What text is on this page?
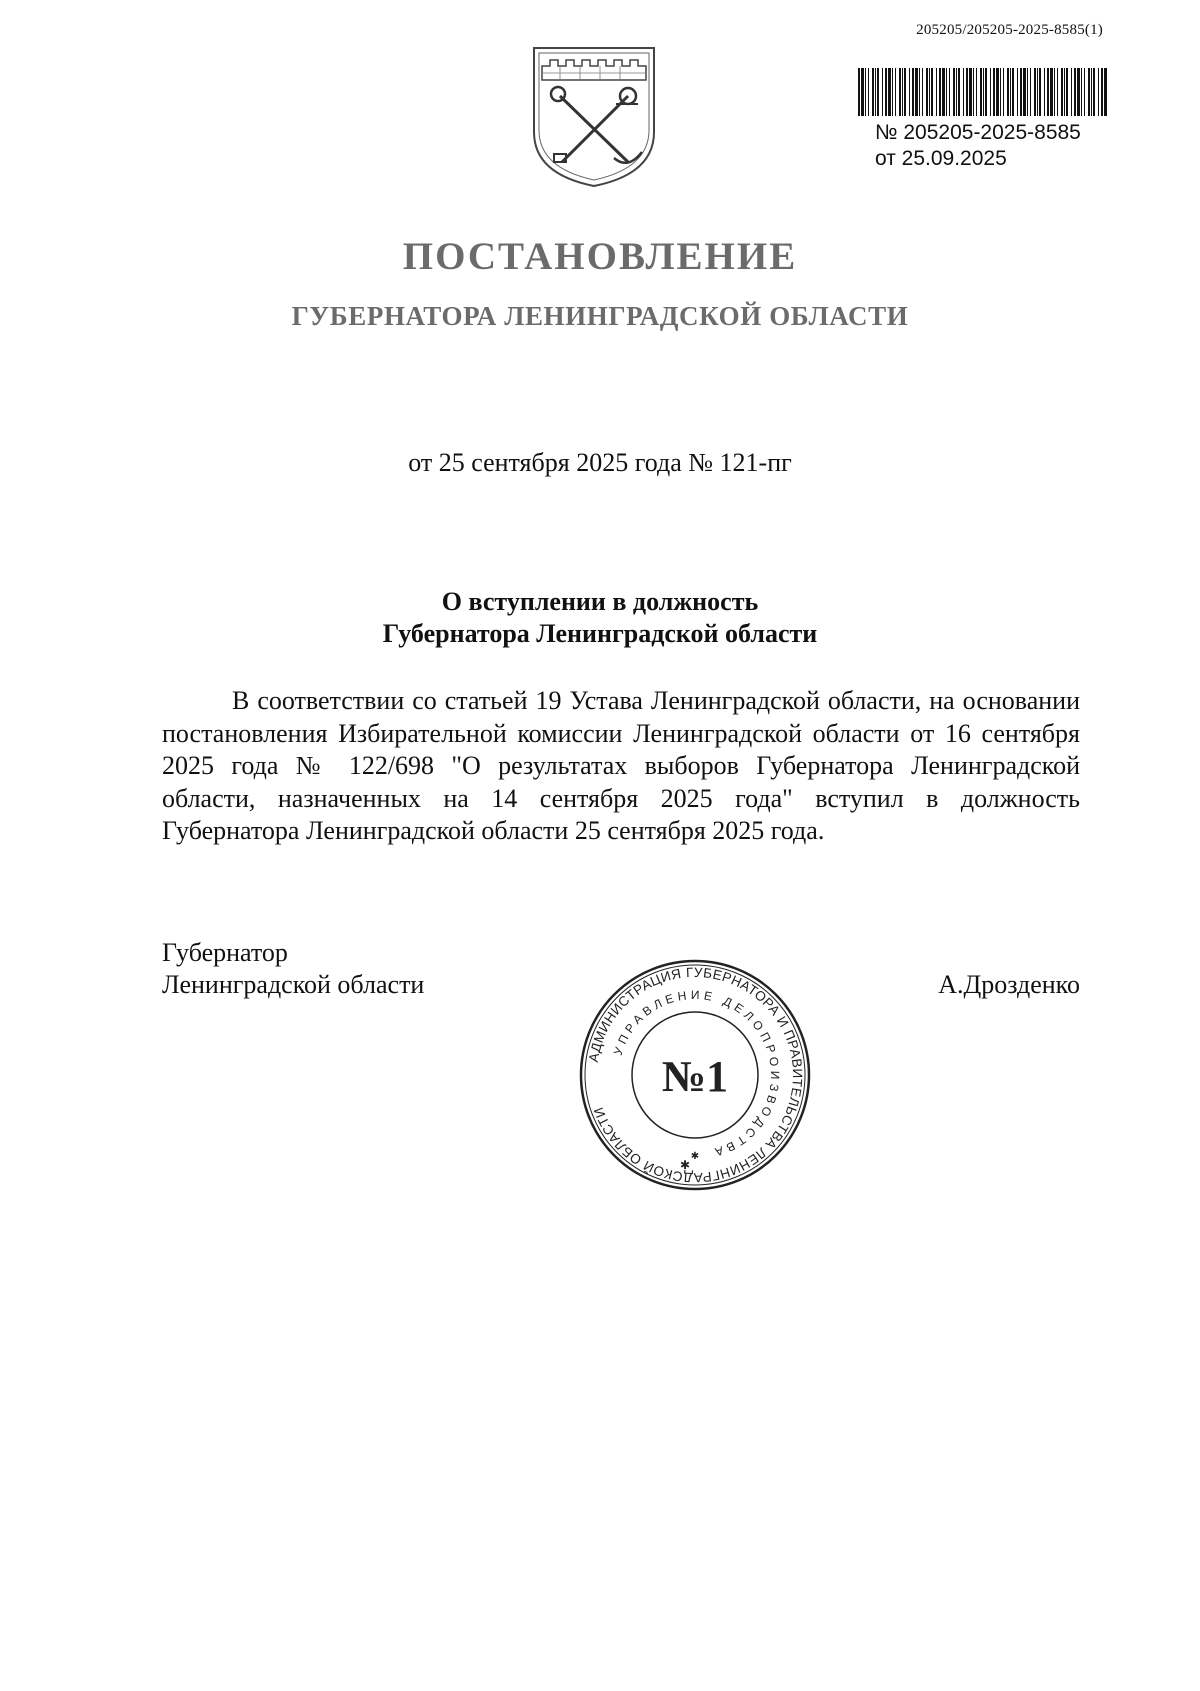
205205/205205-2025-8585(1)
№ 205205-2025-8585
от 25.09.2025
ПОСТАНОВЛЕНИЕ
ГУБЕРНАТОРА ЛЕНИНГРАДСКОЙ ОБЛАСТИ
от 25 сентября 2025 года № 121-пг
О вступлении в должность
Губернатора Ленинградской области

В соответствии со статьей 19 Устава Ленинградской области, на основании постановления Избирательной комиссии Ленинградской области от 16 сентября 2025 года № 122/698 "О результатах выборов Губернатора Ленинградской области, назначенных на 14 сентября 2025 года" вступил в должность Губернатора Ленинградской области 25 сентября 2025 года.

Губернатор
Ленинградской области	А.Дрозденко
АДМИНИСТРАЦИЯ ГУБЕРНАТОРА И ПРАВИТЕЛЬСТВА ЛЕНИНГРАДСКОЙ ОБЛАСТИ
УПРАВЛЕНИЕ ДЕЛОПРОИЗВОДСТВА
№1
✱
✱
